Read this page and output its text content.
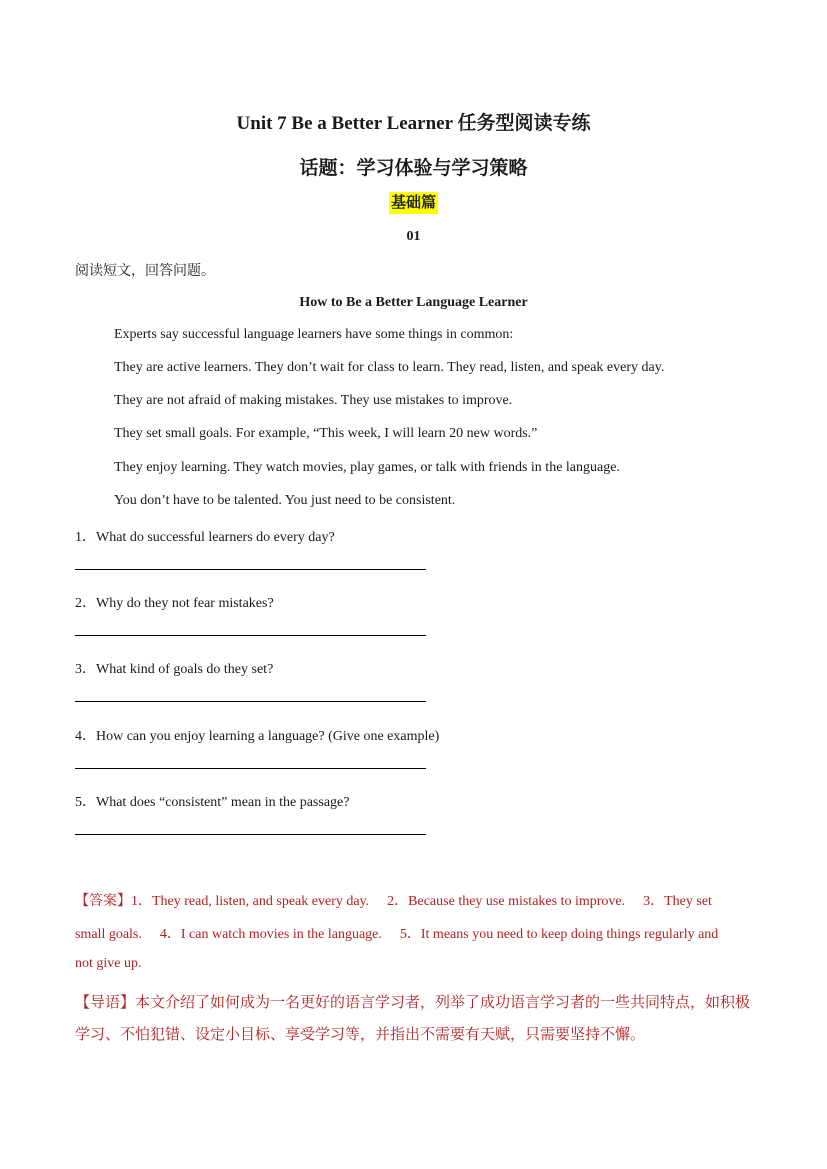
Unit 7 Be a Better Learner 任务型阅读专练
话题：学习体验与学习策略
基础篇
01
阅读短文，回答问题。
How to Be a Better Language Learner
Experts say successful language learners have some things in common:
They are active learners. They don’t wait for class to learn. They read, listen, and speak every day.
They are not afraid of making mistakes. They use mistakes to improve.
They set small goals. For example, “This week, I will learn 20 new words.”
They enjoy learning. They watch movies, play games, or talk with friends in the language.
You don’t have to be talented. You just need to be consistent.
1．What do successful learners do every day?
2．Why do they not fear mistakes?
3．What kind of goals do they set?
4．How can you enjoy learning a language? (Give one example)
5．What does “consistent” mean in the passage?
【答案】1．They read, listen, and speak every day. 2．Because they use mistakes to improve. 3．They set
small goals. 4．I can watch movies in the language. 5．It means you need to keep doing things regularly and
not give up.
【导语】本文介绍了如何成为一名更好的语言学习者，列举了成功语言学习者的一些共同特点，如积极学习、不怕犯错、设定小目标、享受学习等，并指出不需要有天赋，只需要坚持不懈。
